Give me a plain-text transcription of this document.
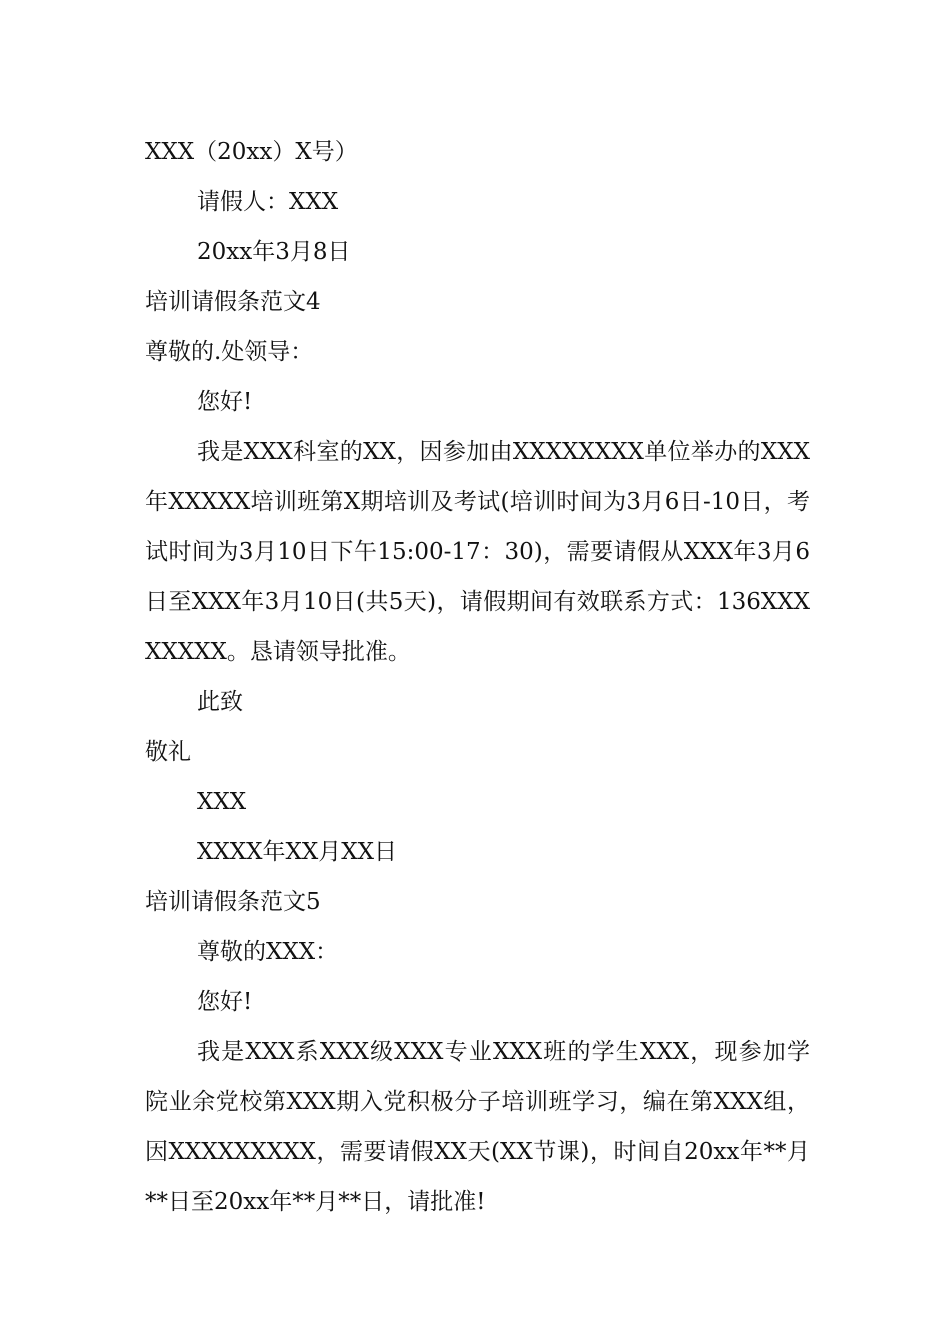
XXX（20xx）X号）
请假人：XXX
20xx年3月8日
培训请假条范文4
尊敬的.处领导：
您好!

我是XXX科室的XX，因参加由XXXXXXXX单位举办的XXX年XXXXX培训班第X期培训及考试(培训时间为3月6日-10日，考试时间为3月10日下午15:00-17：30)，需要请假从XXX年3月6日至XXX年3月10日(共5天)，请假期间有效联系方式：136XXXXXXXX。恳请领导批准。

此致
敬礼
XXX
XXXX年XX月XX日
培训请假条范文5
尊敬的XXX：
您好!

我是XXX系XXX级XXX专业XXX班的学生XXX，现参加学院业余党校第XXX期入党积极分子培训班学习，编在第XXX组，因XXXXXXXXX，需要请假XX天(XX节课)，时间自20xx年**月**日至20xx年**月**日，请批准!
